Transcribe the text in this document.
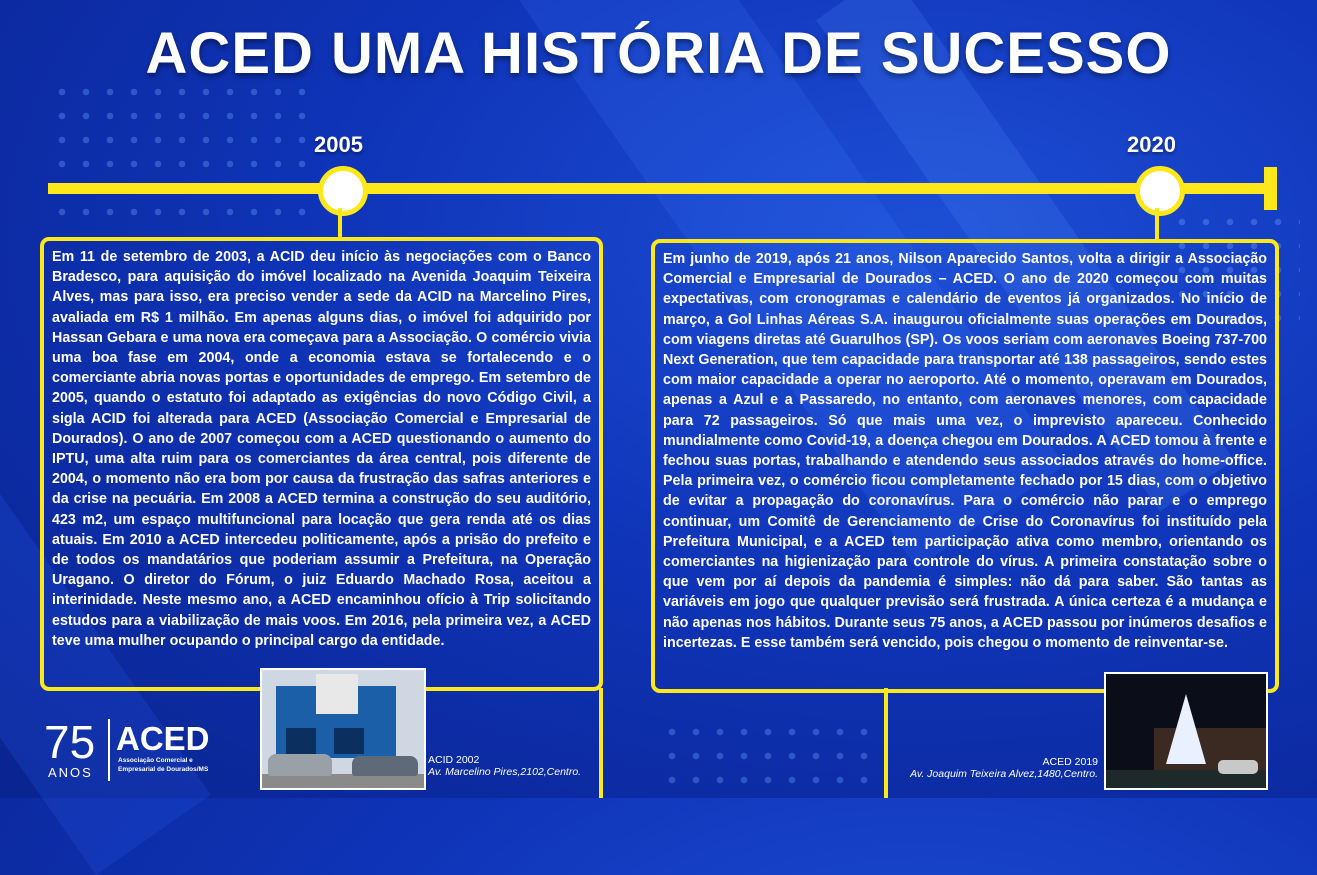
ACED UMA HISTÓRIA DE SUCESSO
2005	2020
Em 11 de setembro de 2003, a ACID deu início às negociações com o Banco Bradesco, para aquisição do imóvel localizado na Avenida Joaquim Teixeira Alves, mas para isso, era preciso vender a sede da ACID na Marcelino Pires, avaliada em R$ 1 milhão. Em apenas alguns dias, o imóvel foi adquirido por Hassan Gebara e uma nova era começava para a Associação. O comércio vivia uma boa fase em 2004, onde a economia estava se fortalecendo e o comerciante abria novas portas e oportunidades de emprego. Em setembro de 2005, quando o estatuto foi adaptado as exigências do novo Código Civil, a sigla ACID foi alterada para ACED (Associação Comercial e Empresarial de Dourados). O ano de 2007 começou com a ACED questionando o aumento do IPTU, uma alta ruim para os comerciantes da área central, pois diferente de 2004, o momento não era bom por causa da frustração das safras anteriores e da crise na pecuária. Em 2008 a ACED termina a construção do seu auditório, 423 m2, um espaço multifuncional para locação que gera renda até os dias atuais. Em 2010 a ACED intercedeu politicamente, após a prisão do prefeito e de todos os mandatários que poderiam assumir a Prefeitura, na Operação Uragano. O diretor do Fórum, o juiz Eduardo Machado Rosa, aceitou a interinidade. Neste mesmo ano, a ACED encaminhou ofício à Trip solicitando estudos para a viabilização de mais voos. Em 2016, pela primeira vez, a ACED teve uma mulher ocupando o principal cargo da entidade.
Em junho de 2019, após 21 anos, Nilson Aparecido Santos, volta a dirigir a Associação Comercial e Empresarial de Dourados – ACED. O ano de 2020 começou com muitas expectativas, com cronogramas e calendário de eventos já organizados. No início de março, a Gol Linhas Aéreas S.A. inaugurou oficialmente suas operações em Dourados, com viagens diretas até Guarulhos (SP). Os voos seriam com aeronaves Boeing 737-700 Next Generation, que tem capacidade para transportar até 138 passageiros, sendo estes com maior capacidade a operar no aeroporto. Até o momento, operavam em Dourados, apenas a Azul e a Passaredo, no entanto, com aeronaves menores, com capacidade para 72 passageiros. Só que mais uma vez, o imprevisto apareceu. Conhecido mundialmente como Covid-19, a doença chegou em Dourados. A ACED tomou à frente e fechou suas portas, trabalhando e atendendo seus associados através do home-office. Pela primeira vez, o comércio ficou completamente fechado por 15 dias, com o objetivo de evitar a propagação do coronavírus. Para o comércio não parar e o emprego continuar, um Comitê de Gerenciamento de Crise do Coronavírus foi instituído pela Prefeitura Municipal, e a ACED tem participação ativa como membro, orientando os comerciantes na higienização para controle do vírus. A primeira constatação sobre o que vem por aí depois da pandemia é simples: não dá para saber. São tantas as variáveis em jogo que qualquer previsão será frustrada. A única certeza é a mudança e não apenas nos hábitos. Durante seus 75 anos, a ACED passou por inúmeros desafios e incertezas. E esse também será vencido, pois chegou o momento de reinventar-se.
ACID 2002
Av. Marcelino Pires,2102,Centro.
ACED 2019
Av. Joaquim Teixeira Alvez,1480,Centro.
75
ANOS
ACED
Associação Comercial e
Empresarial de Dourados/MS
